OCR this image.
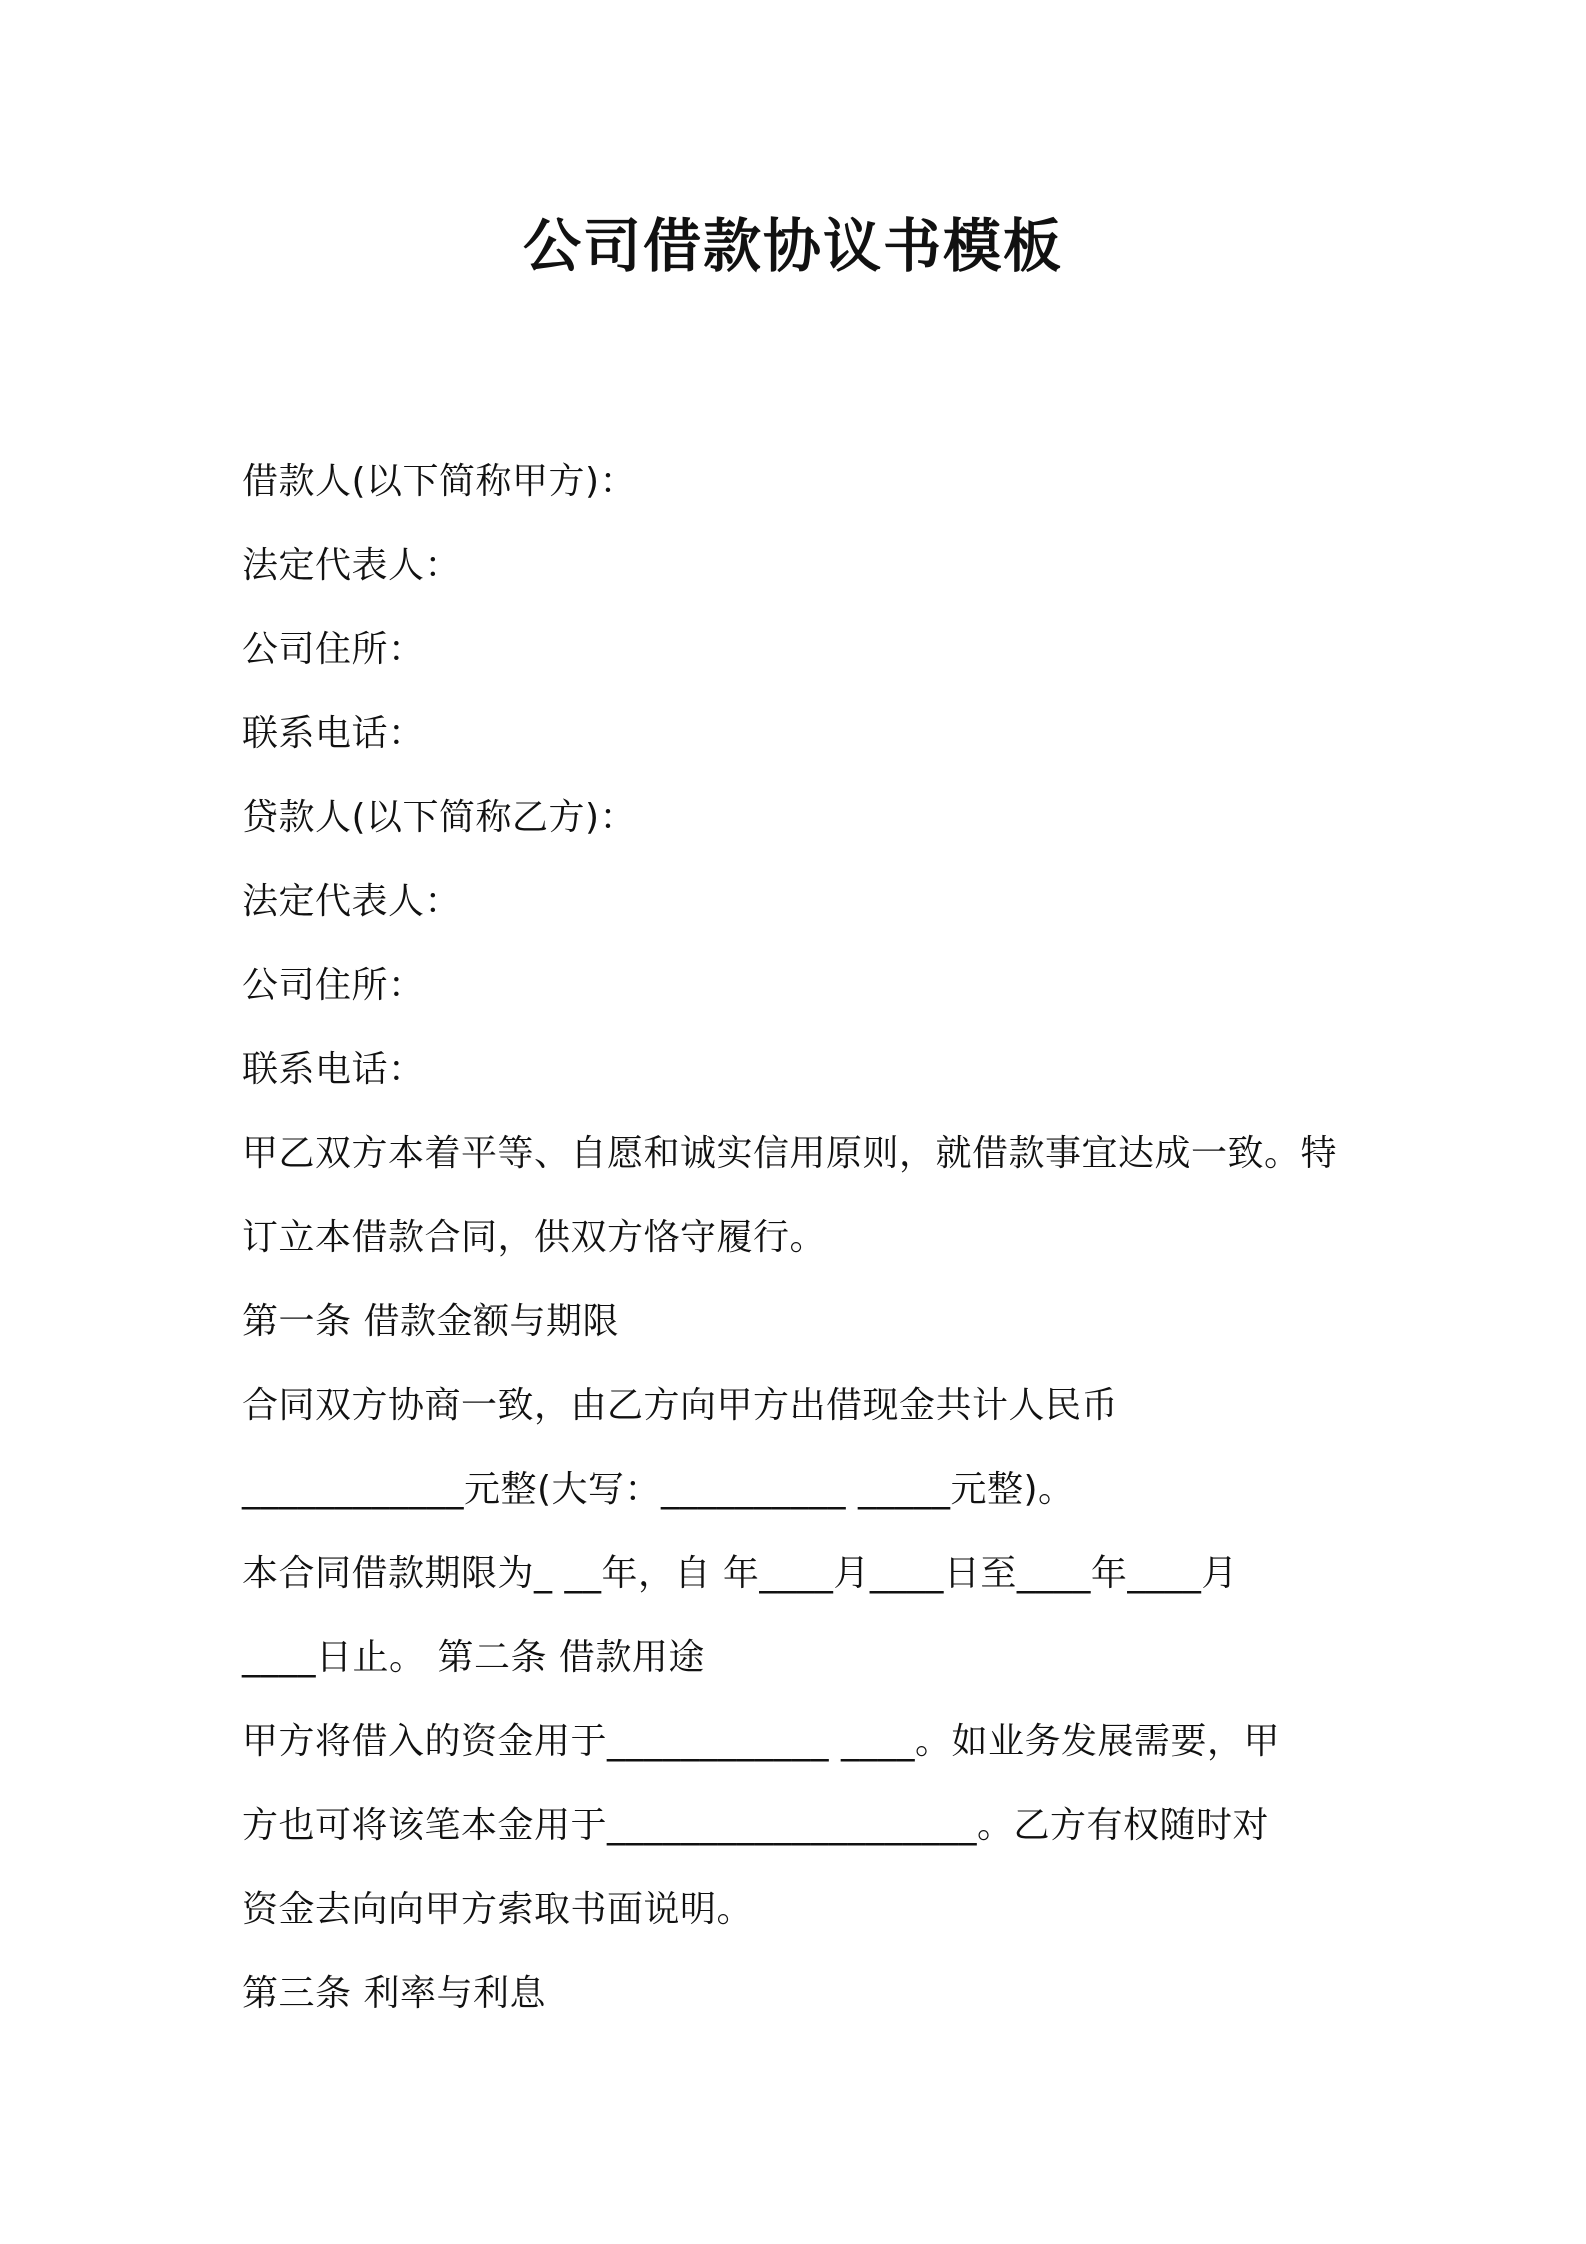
公司借款协议书模板
借款人(以下简称甲方)：
法定代表人：
公司住所：
联系电话：
贷款人(以下简称乙方)：
法定代表人：
公司住所：
联系电话：
甲乙双方本着平等、自愿和诚实信用原则，就借款事宜达成一致。特
订立本借款合同，供双方恪守履行。
第一条 借款金额与期限
合同双方协商一致，由乙方向甲方出借现金共计人民币
____________元整(大写：__________ _____元整)。
本合同借款期限为_ __年，自 年____月____日至____年____月
____日止。 第二条 借款用途
甲方将借入的资金用于____________ ____。如业务发展需要，甲
方也可将该笔本金用于____________________。乙方有权随时对
资金去向向甲方索取书面说明。
第三条 利率与利息
